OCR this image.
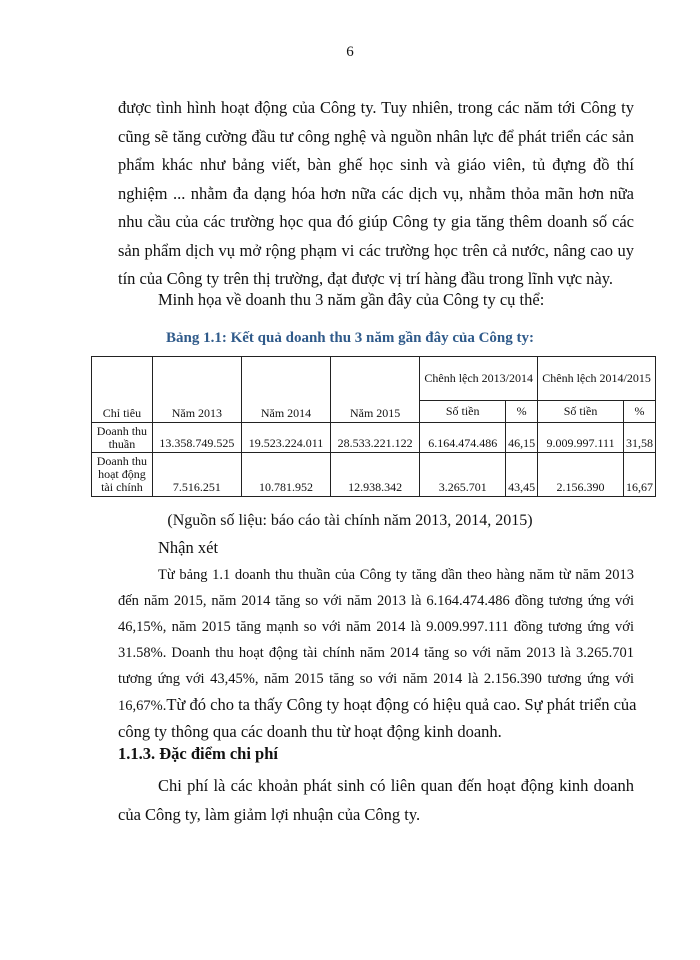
6
được tình hình hoạt động của Công ty. Tuy nhiên, trong các năm tới Công ty
cũng sẽ tăng cường đầu tư công nghệ và nguồn nhân lực để phát triển các sản
phẩm khác như bảng viết, bàn ghế học sinh và giáo viên, tủ đựng đồ thí
nghiệm ... nhằm đa dạng hóa hơn nữa các dịch vụ, nhằm thỏa mãn hơn nữa
nhu cầu của các trường học qua đó giúp Công ty gia tăng thêm doanh số các
sản phẩm dịch vụ mở rộng phạm vi các trường học trên cả nước, nâng cao uy
tín của Công ty trên thị trường, đạt được vị trí hàng đầu trong lĩnh vực này.
Minh họa về doanh thu 3 năm gần đây của Công ty cụ thể:
Bảng 1.1: Kết quả doanh thu 3 năm gần đây của Công ty:
Chỉ tiêu	Năm 2013	Năm 2014	Năm 2015	Chênh lệch 2013/2014		Chênh lệch 2014/2015	
				Số tiền	%	Số tiền	%
Doanh thu thuần	13.358.749.525	19.523.224.011	28.533.221.122	6.164.474.486	46,15	9.009.997.111	31,58
Doanh thu hoạt động tài chính	7.516.251	10.781.952	12.938.342	3.265.701	43,45	2.156.390	16,67
(Nguồn số liệu: báo cáo tài chính năm 2013, 2014, 2015)
Nhận xét
Từ bảng 1.1 doanh thu thuần của Công ty tăng dần theo hàng năm từ năm 2013
đến năm 2015, năm 2014 tăng so với năm 2013 là 6.164.474.486 đồng tương ứng với
46,15%, năm 2015 tăng mạnh so với năm 2014 là 9.009.997.111 đồng tương ứng với
31.58%. Doanh thu hoạt động tài chính năm 2014 tăng so với năm 2013 là 3.265.701
tương ứng với 43,45%, năm 2015 tăng so với năm 2014 là 2.156.390 tương ứng với
16,67%.Từ đó cho ta thấy Công ty hoạt động có hiệu quả cao. Sự phát triển của
công ty thông qua các doanh thu từ hoạt động kinh doanh.
1.1.3. Đặc điểm chi phí
Chi phí là các khoản phát sinh có liên quan đến hoạt động kinh doanh
của Công ty, làm giảm lợi nhuận của Công ty.
